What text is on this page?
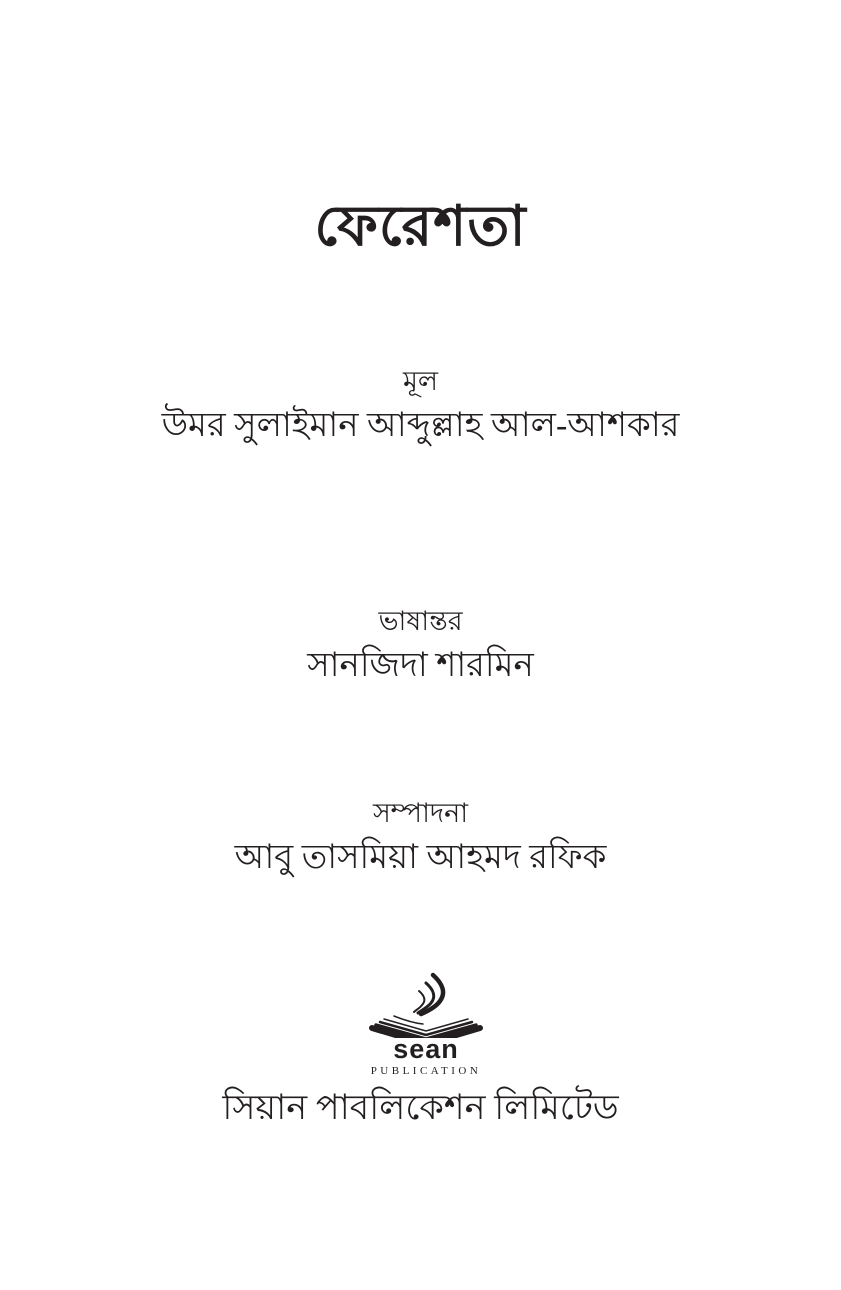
ফেরেশতা
মূল
উমর সুলাইমান আব্দুল্লাহ আল-আশকার
ভাষান্তর
সানজিদা শারমিন
সম্পাদনা
আবু তাসমিয়া আহমদ রফিক
sean
PUBLICATION
সিয়ান পাবলিকেশন লিমিটেড
